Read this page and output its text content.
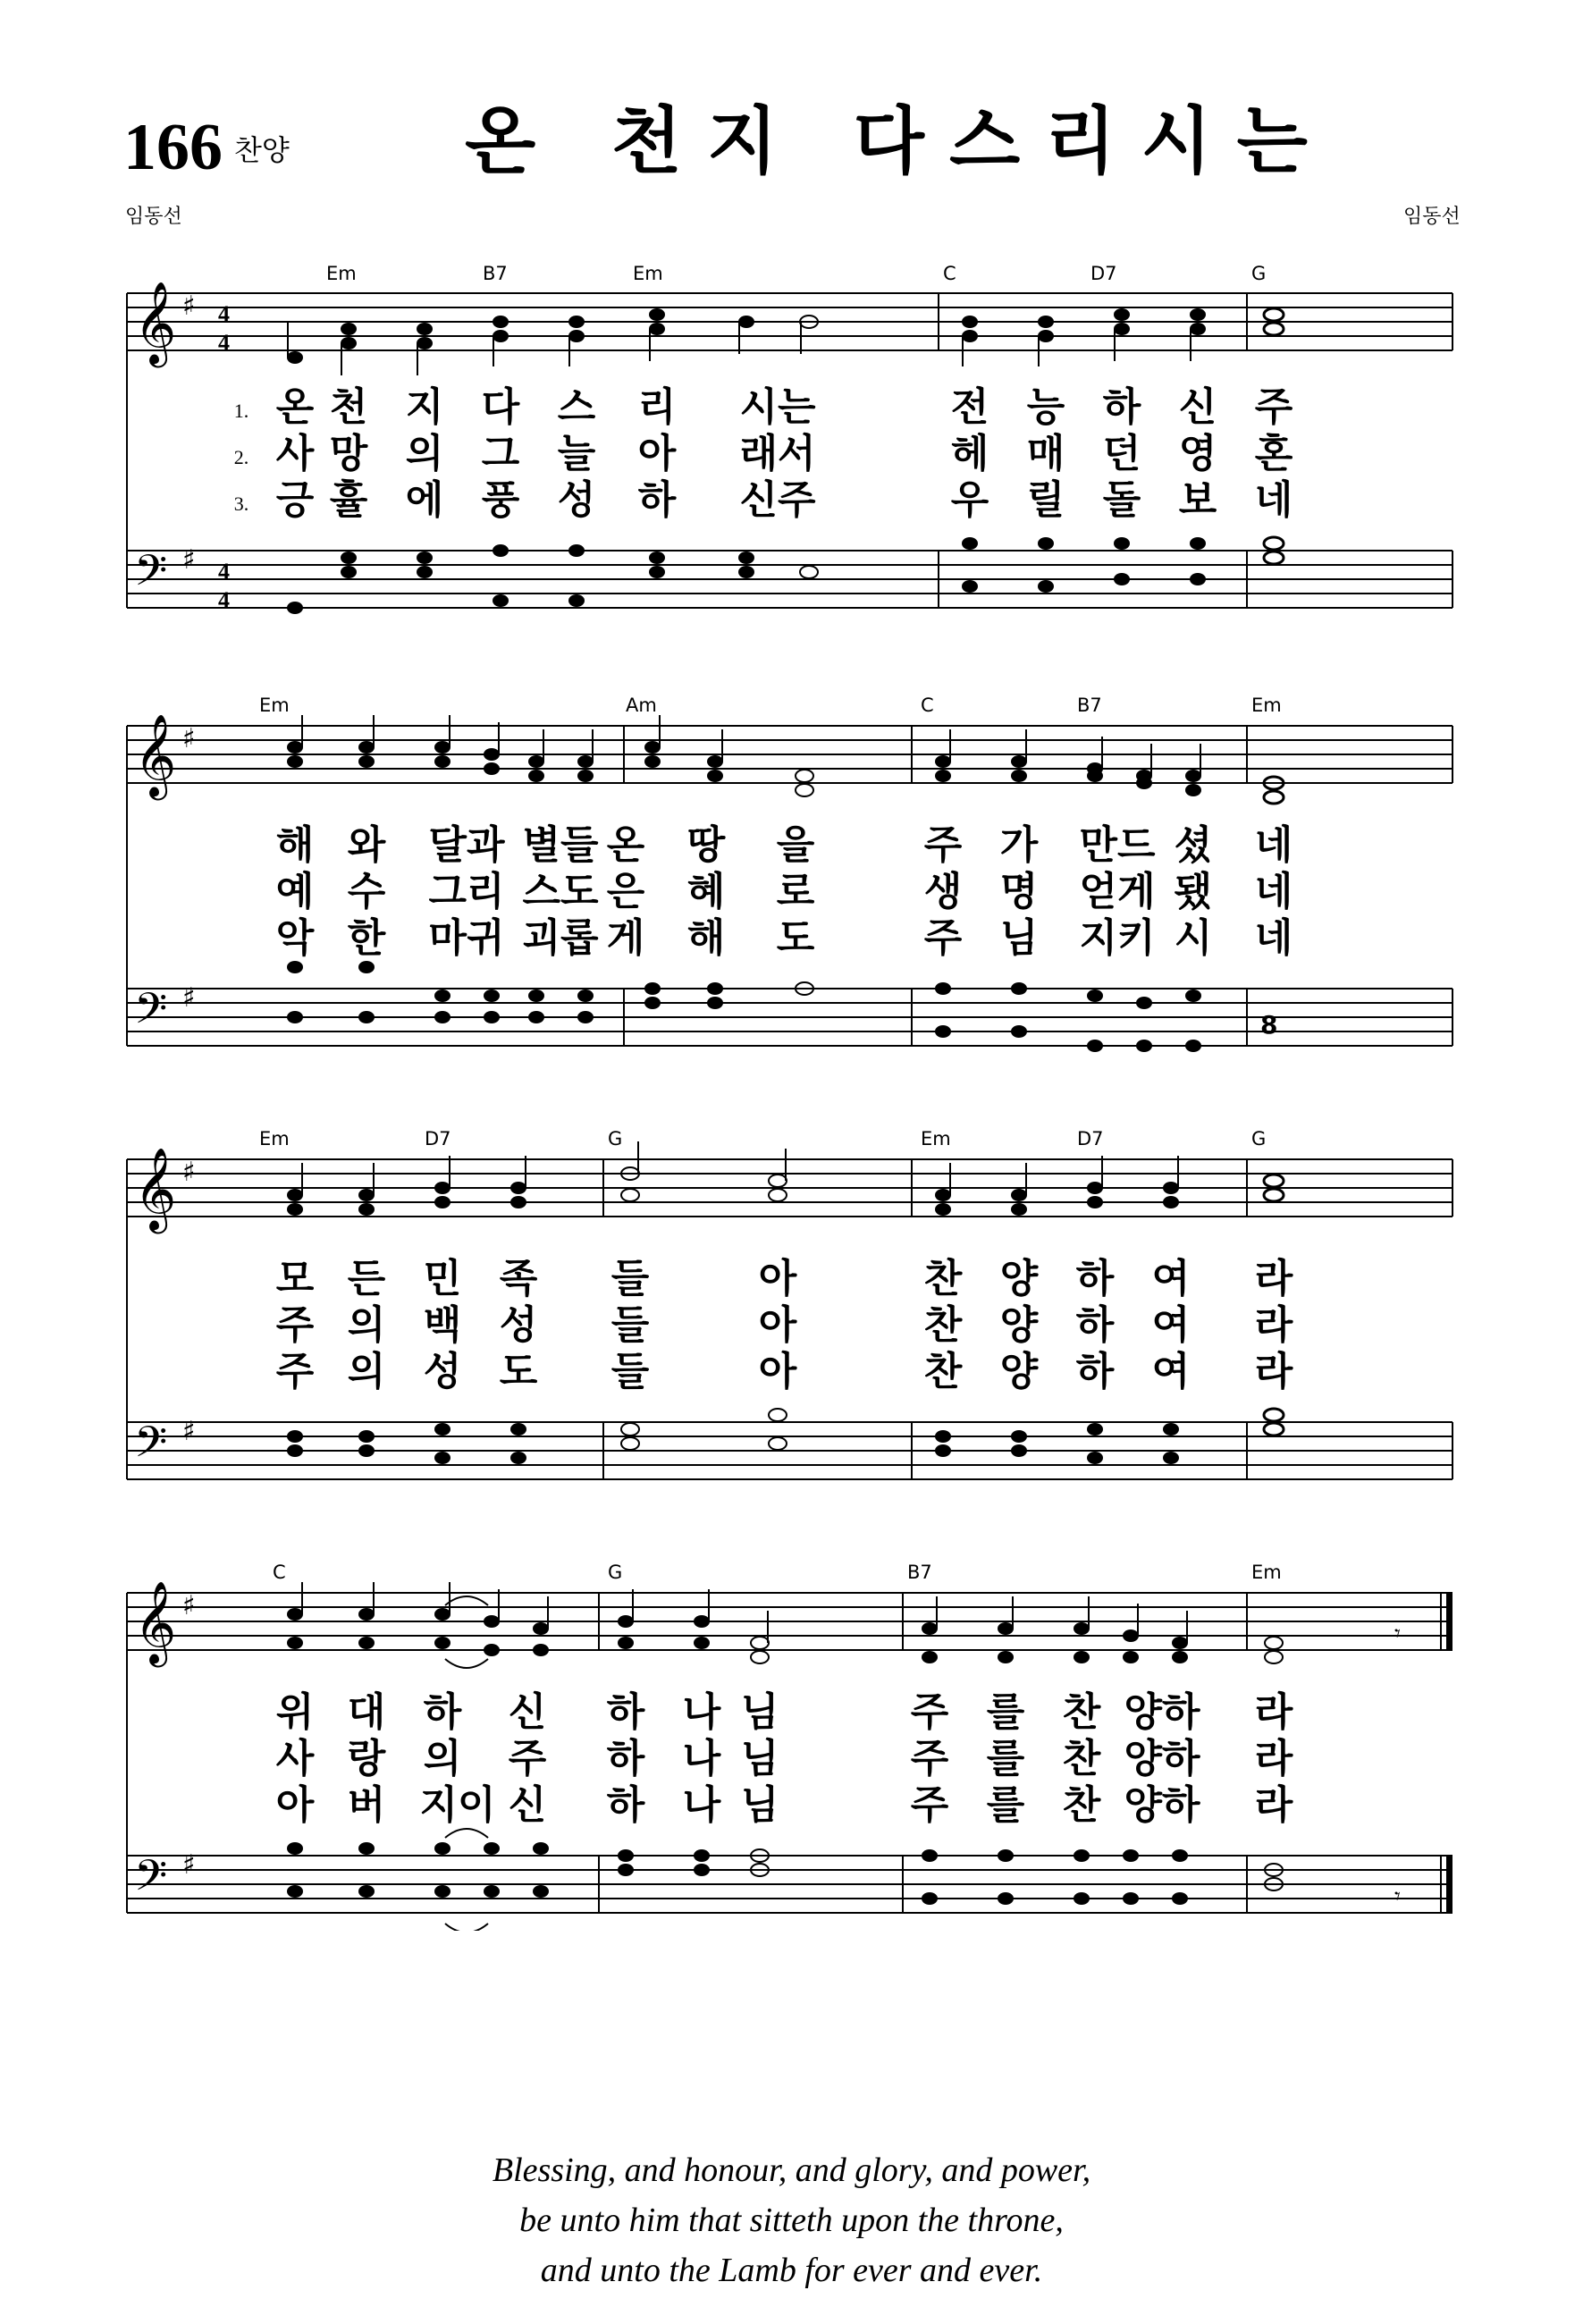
166 찬양 온 천지 다스리시는
임동선	임동선
Em	B7	Em	C	D7	G
𝄞 ♯ 4
4
𝄢 ♯ 4
4
1. 온 천 지 다 스 리	시는	전 능 하 신 주
2. 사 망 의 그 늘 아	래서	헤 매 던 영 혼
3. 긍 휼 에 풍 성 하	신주	우 릴 돌 보 네
Em	Am	C	B7	Em
𝄞 ♯
𝄢 ♯
8
해 와 달과 별들 온 땅 을	주 가 만드 셨 네
예 수 그리 스도 은 혜 로	생 명 얻게 됐 네
악 한 마귀 괴롭 게 해 도	주 님 지키 시 네
Em	D7	G	Em	D7	G
𝄞 ♯
𝄢 ♯
모 든 민 족 들	아	찬 양 하 여 라
주 의 백 성 들	아	찬 양 하 여 라
주 의 성 도 들	아	찬 양 하 여 라
C	G	B7	Em
𝄞 ♯
𝄢 ♯
𝄾
𝄾
위 대 하 신 하 나 님	주 를 찬 양하 라
사 랑 의 주 하 나 님	주 를 찬 양하 라
아 버 지이 신 하 나 님	주 를 찬 양하 라
Blessing, and honour, and glory, and power,
be unto him that sitteth upon the throne,
and unto the Lamb for ever and ever.
